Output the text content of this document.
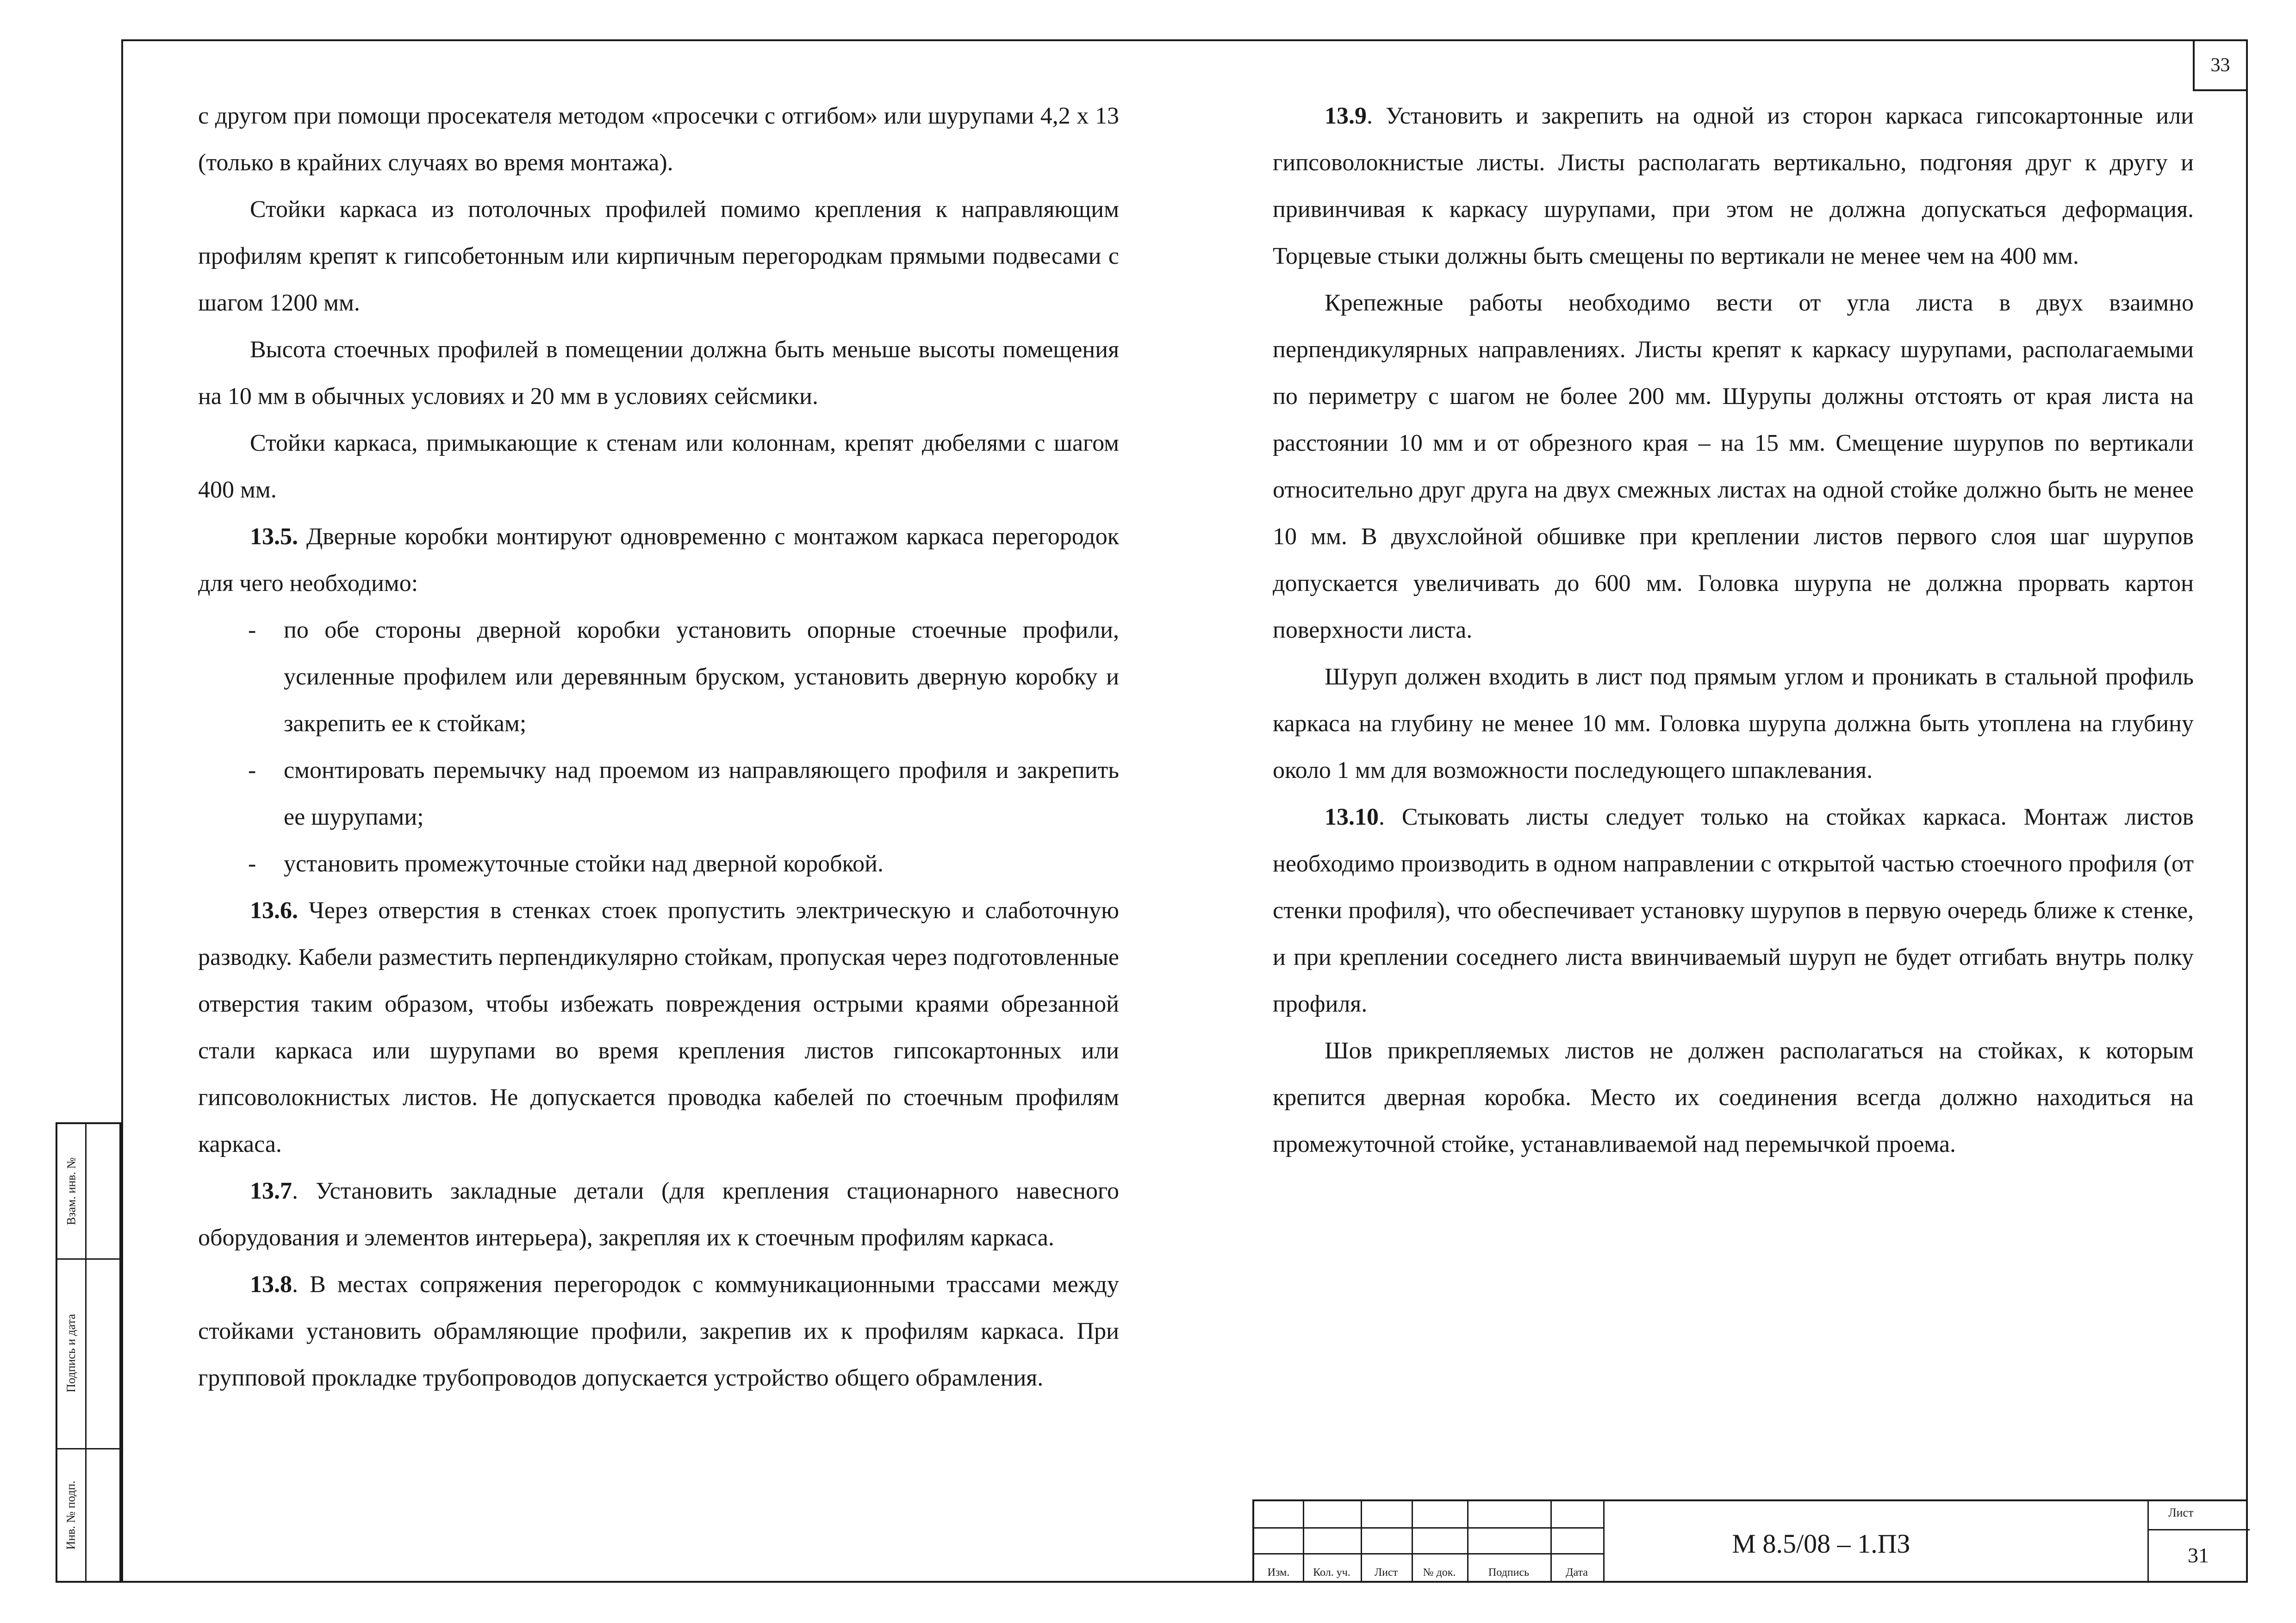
33
Взам. инв. №
Подпись и дата
Инв. № подп.

с другом при помощи просекателя методом «просечки с отгибом» или шурупами 4,2 х 13 (только в крайних случаях во время монтажа).

Стойки каркаса из потолочных профилей помимо крепления к направляющим профилям крепят к гипсобетонным или кирпичным перегородкам прямыми подвесами с шагом 1200 мм.

Высота стоечных профилей в помещении должна быть меньше высоты помещения на 10 мм в обычных условиях и 20 мм в условиях сейсмики.

Стойки каркаса, примыкающие к стенам или колоннам, крепят дюбелями с шагом 400 мм.

13.5. Дверные коробки монтируют одновременно с монтажом каркаса перегородок для чего необходимо:

- по обе стороны дверной коробки установить опорные стоечные профили, усиленные профилем или деревянным бруском, установить дверную коробку и закрепить ее к стойкам;
- смонтировать перемычку над проемом из направляющего профиля и закрепить ее шурупами;
- установить промежуточные стойки над дверной коробкой.

13.6. Через отверстия в стенках стоек пропустить электрическую и слаботочную разводку. Кабели разместить перпендикулярно стойкам, пропуская через подготовленные отверстия таким образом, чтобы избежать повреждения острыми краями обрезанной стали каркаса или шурупами во время крепления листов гипсокартонных или гипсоволокнистых листов. Не допускается проводка кабелей по стоечным профилям каркаса.

13.7. Установить закладные детали (для крепления стационарного навесного оборудования и элементов интерьера), закрепляя их к стоечным профилям каркаса.

13.8. В местах сопряжения перегородок с коммуникационными трассами между стойками установить обрамляющие профили, закрепив их к профилям каркаса. При групповой прокладке трубопроводов допускается устройство общего обрамления.

13.9. Установить и закрепить на одной из сторон каркаса гипсокартонные или гипсоволокнистые листы. Листы располагать вертикально, подгоняя друг к другу и привинчивая к каркасу шурупами, при этом не должна допускаться деформация. Торцевые стыки должны быть смещены по вертикали не менее чем на 400 мм.

Крепежные работы необходимо вести от угла листа в двух взаимно перпендикулярных направлениях. Листы крепят к каркасу шурупами, располагаемыми по периметру с шагом не более 200 мм. Шурупы должны отстоять от края листа на расстоянии 10 мм и от обрезного края – на 15 мм. Смещение шурупов по вертикали относительно друг друга на двух смежных листах на одной стойке должно быть не менее 10 мм. В двухслойной обшивке при креплении листов первого слоя шаг шурупов допускается увеличивать до 600 мм. Головка шурупа не должна прорвать картон поверхности листа.

Шуруп должен входить в лист под прямым углом и проникать в стальной профиль каркаса на глубину не менее 10 мм. Головка шурупа должна быть утоплена на глубину около 1 мм для возможности последующего шпаклевания.

13.10. Стыковать листы следует только на стойках каркаса. Монтаж листов необходимо производить в одном направлении с открытой частью стоечного профиля (от стенки профиля), что обеспечивает установку шурупов в первую очередь ближе к стенке, и при креплении соседнего листа ввинчиваемый шуруп не будет отгибать внутрь полку профиля.

Шов прикрепляемых листов не должен располагаться на стойках, к которым крепится дверная коробка. Место их соединения всегда должно находиться на промежуточной стойке, устанавливаемой над перемычкой проема.

Изм.	Кол. уч.	Лист	№ док.	Подпись	Дата
М 8.5/08 – 1.ПЗ
Лист
31
